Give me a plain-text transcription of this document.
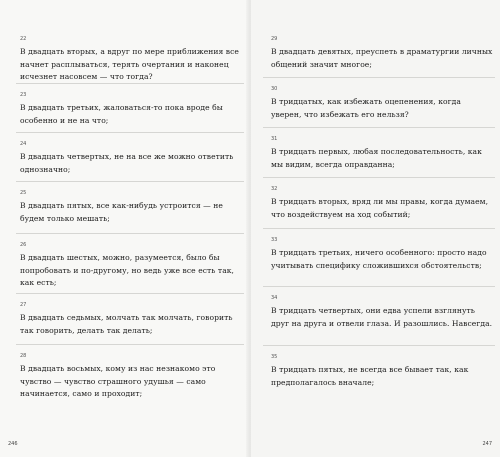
22

В двадцать вторых, а вдруг по мере приближения все начнет расплываться, терять очертания и наконец исчезнет насовсем — что тогда?

23

В двадцать третьих, жаловаться-то пока вроде бы особенно и не на что;

24

В двадцать четвертых, не на все же можно ответить однозначно;

25

В двадцать пятых, все как-нибудь устроится — не будем только мешать;

26

В двадцать шестых, можно, разумеется, было бы попробовать и по-другому, но ведь уже все есть так, как есть;

27

В двадцать седьмых, молчать так молчать, говорить так говорить, делать так делать;

28

В двадцать восьмых, кому из нас незнакомо это чувство — чувство страшного удушья — само начинается, само и проходит;

246

29

В двадцать девятых, преуспеть в драматургии личных общений значит многое;

30

В тридцатых, как избежать оцепенения, когда уверен, что избежать его нельзя?

31

В тридцать первых, любая последовательность, как мы видим, всегда оправданна;

32

В тридцать вторых, вряд ли мы правы, когда думаем, что воздействуем на ход событий;

33

В тридцать третьих, ничего особенного: просто надо учитывать специфику сложившихся обстоятельств;

34

В тридцать четвертых, они едва успели взглянуть друг на друга и отвели глаза. И разошлись. Навсегда.

35

В тридцать пятых, не всегда все бывает так, как предполагалось вначале;

247
